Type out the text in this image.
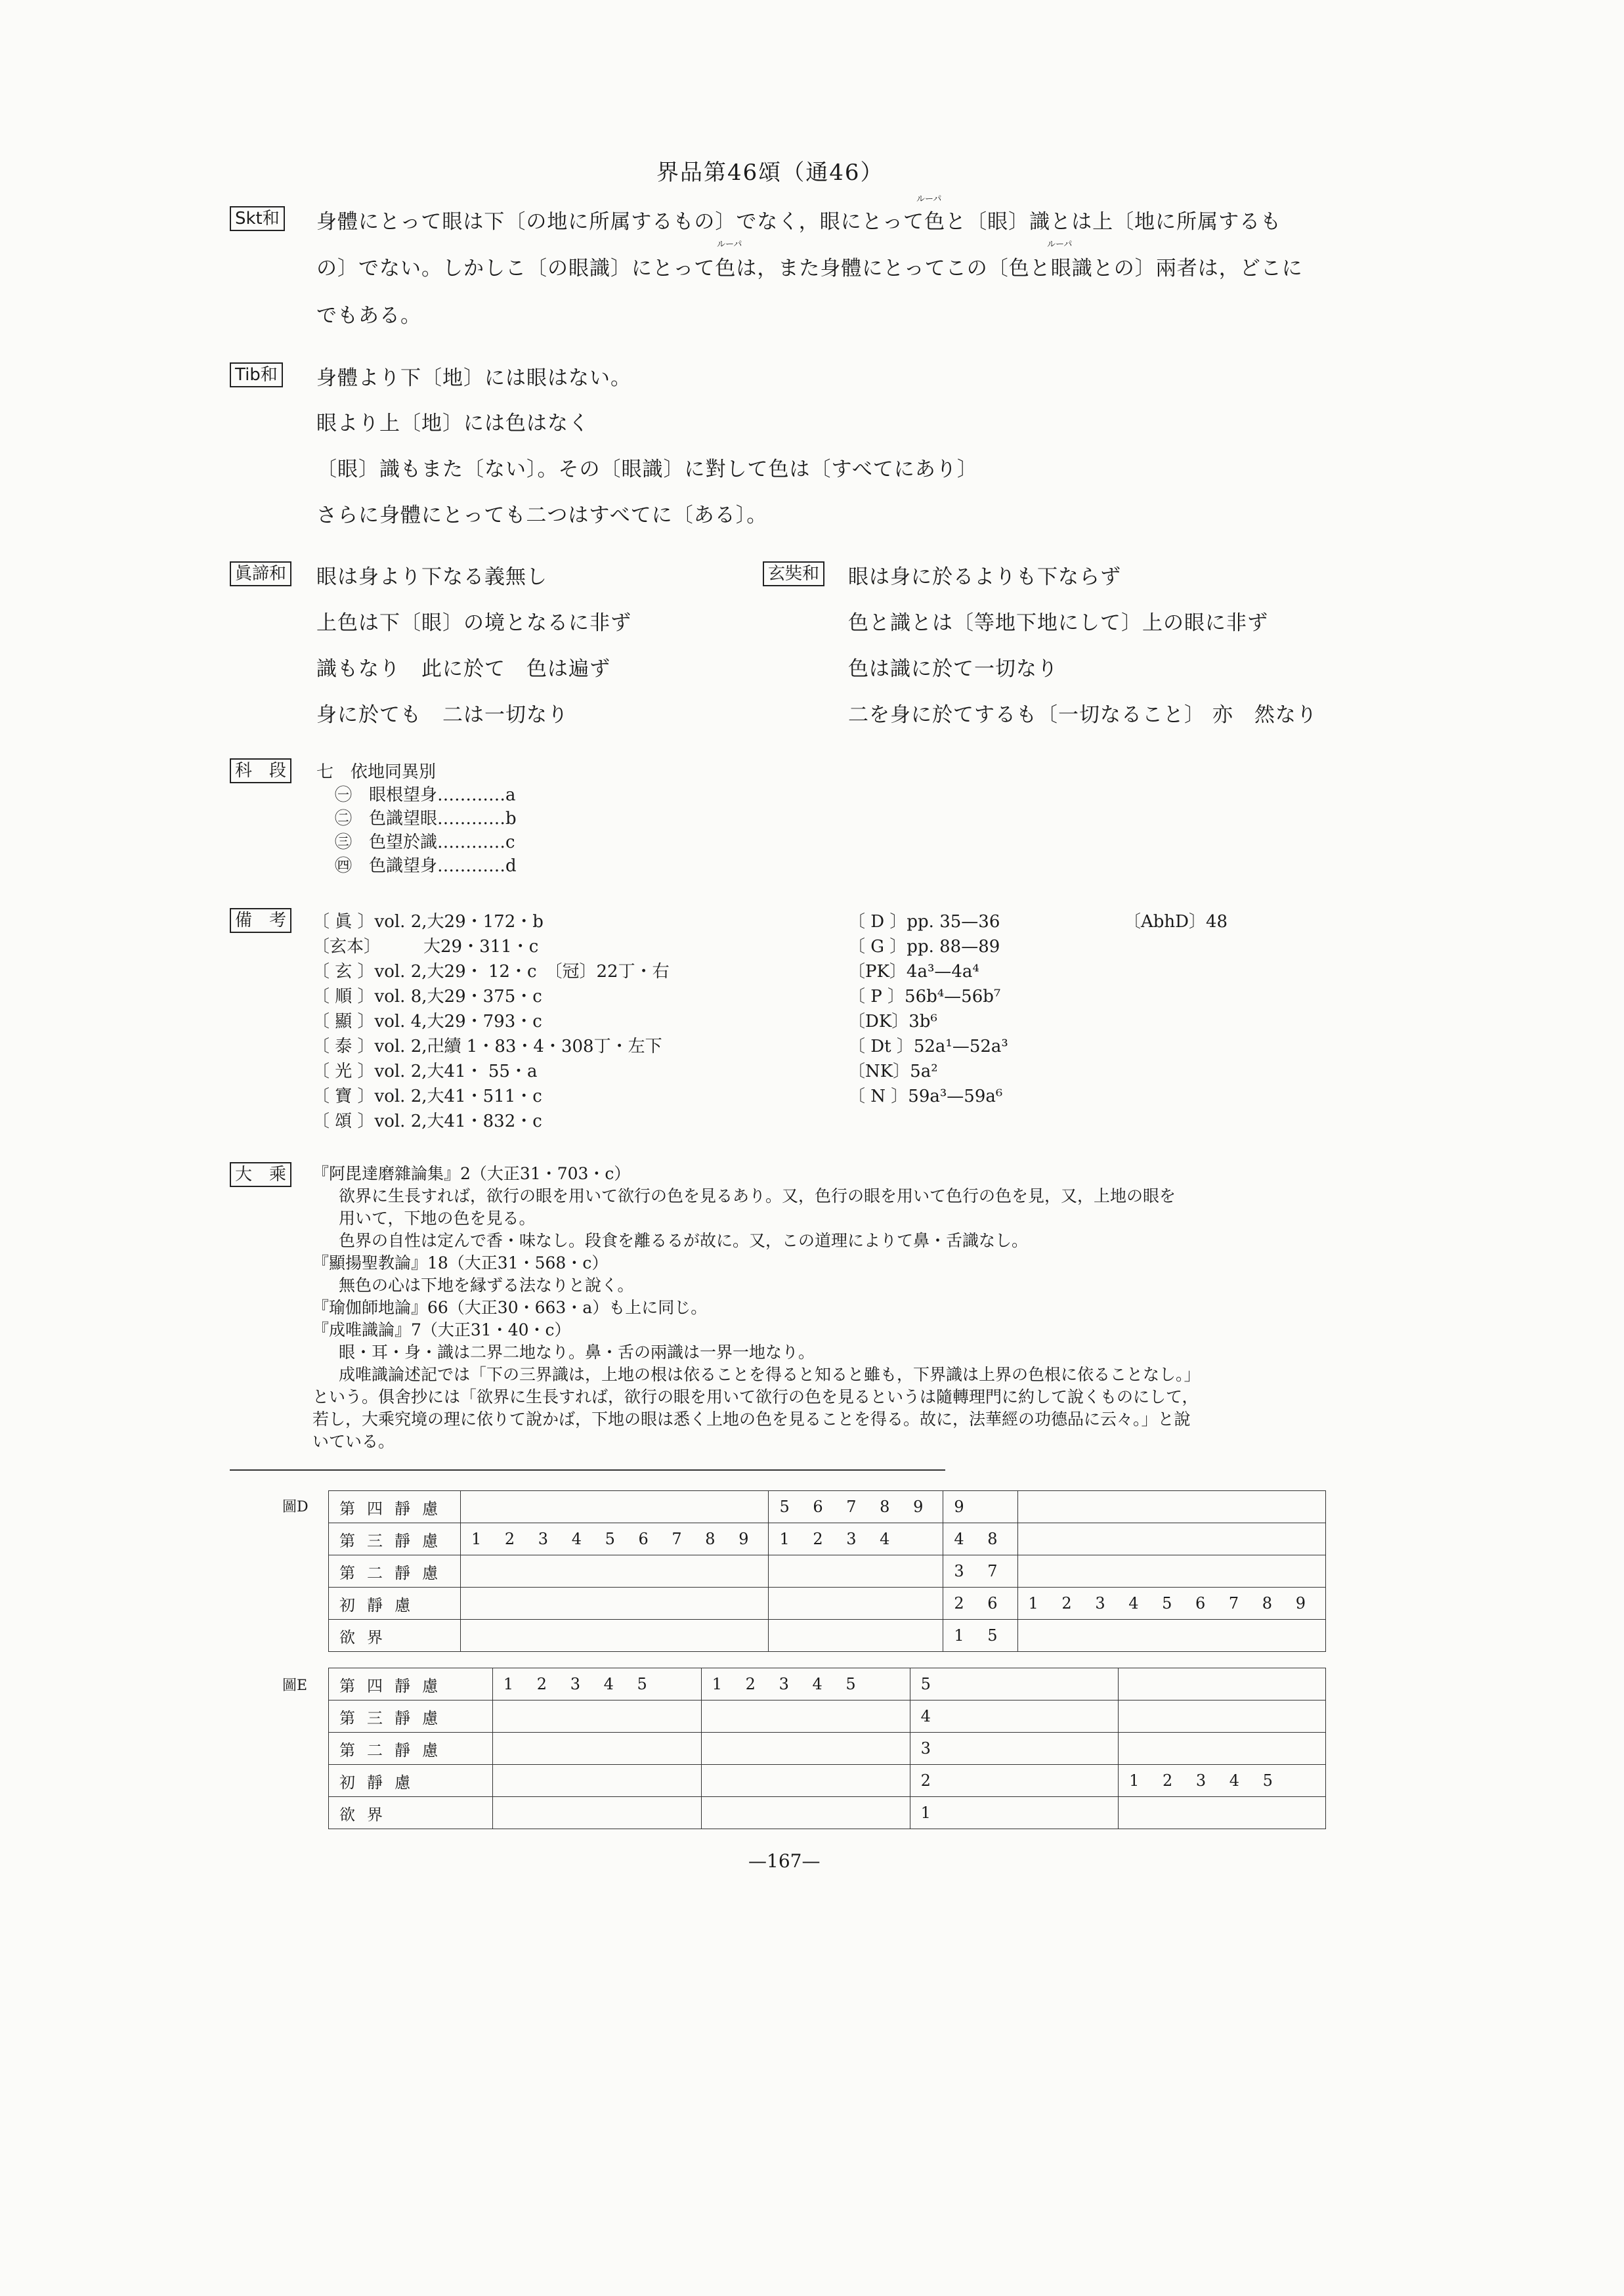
界品第46頌（通46）
Skt和
ルーパ
ルーパ	ルーパ
身體にとって眼は下〔の地に所属するもの〕でなく，眼にとって色と〔眼〕識とは上〔地に所属するも
の〕でない。しかしこ〔の眼識〕にとって色は，また身體にとってこの〔色と眼識との〕兩者は，どこに
でもある。
Tib和 身體より下〔地〕には眼はない。
眼より上〔地〕には色はなく
〔眼〕識もまた〔ない〕。その〔眼識〕に對して色は〔すべてにあり〕
さらに身體にとっても二つはすべてに〔ある〕。
眞諦和 眼は身より下なる義無し
上色は下〔眼〕の境となるに非ず
識もなり　此に於て　色は遍ず
身に於ても　二は一切なり
玄奘和 眼は身に於るよりも下ならず
色と識とは〔等地下地にして〕上の眼に非ず
色は識に於て一切なり
二を身に於てするも〔一切なること〕 亦　然なり
科　段	七　依地同異別
㊀ 眼根望身…………a
㊁ 色識望眼…………b
㊂ 色望於識…………c
㊃ 色識望身…………d
備　考	〔 眞 〕vol. 2,大29・172・b
〔玄本〕　　　大29・311・c
〔 玄 〕vol. 2,大29・ 12・c　〔冠〕22丁・右
〔 順 〕vol. 8,大29・375・c
〔 顯 〕vol. 4,大29・793・c
〔 泰 〕vol. 2,卍續 1・83・4・308丁・左下
〔 光 〕vol. 2,大41・ 55・a
〔 寶 〕vol. 2,大41・511・c
〔 頌 〕vol. 2,大41・832・c
〔 D 〕pp. 35—36
〔 G 〕pp. 88—89
〔PK〕4a³—4a⁴
〔 P 〕56b⁴—56b⁷
〔DK〕3b⁶
〔 Dt 〕52a¹—52a³
〔NK〕5a²
〔 N 〕59a³—59a⁶
〔AbhD〕48
大　乘	『阿毘達磨雜論集』2（大正31・703・c）
欲界に生長すれば，欲行の眼を用いて欲行の色を見るあり。又，色行の眼を用いて色行の色を見，又，上地の眼を
用いて，下地の色を見る。
色界の自性は定んで香・味なし。段食を離るるが故に。又，この道理によりて鼻・舌識なし。
『顯揚聖教論』18（大正31・568・c）
無色の心は下地を縁ずる法なりと說く。
『瑜伽師地論』66（大正30・663・a）も上に同じ。
『成唯識論』7（大正31・40・c）
眼・耳・身・識は二界二地なり。鼻・舌の兩識は一界一地なり。
成唯識論述記では「下の三界識は，上地の根は依ることを得ると知ると雖も，下界識は上界の色根に依ることなし。」
という。俱舍抄には「欲界に生長すれば，欲行の眼を用いて欲行の色を見るというは隨轉理門に約して說くものにして，
若し，大乘究境の理に依りて說かば，下地の眼は悉く上地の色を見ることを得る。故に，法華經の功德品に云々。」と說
いている。
圖D 第四靜慮		5 6 7 8 9	9	
第三靜慮	1 2 3 4 5 6 7 8 9	1 2 3 4	4 8	
第二靜慮			3 7	
初靜慮			2 6	1 2 3 4 5 6 7 8 9
欲界			1 5	
圖E 第四靜慮	1 2 3 4 5	1 2 3 4 5	5	
第三靜慮			4	
第二靜慮			3	
初靜慮			2	1 2 3 4 5
欲界			1	
—167—
